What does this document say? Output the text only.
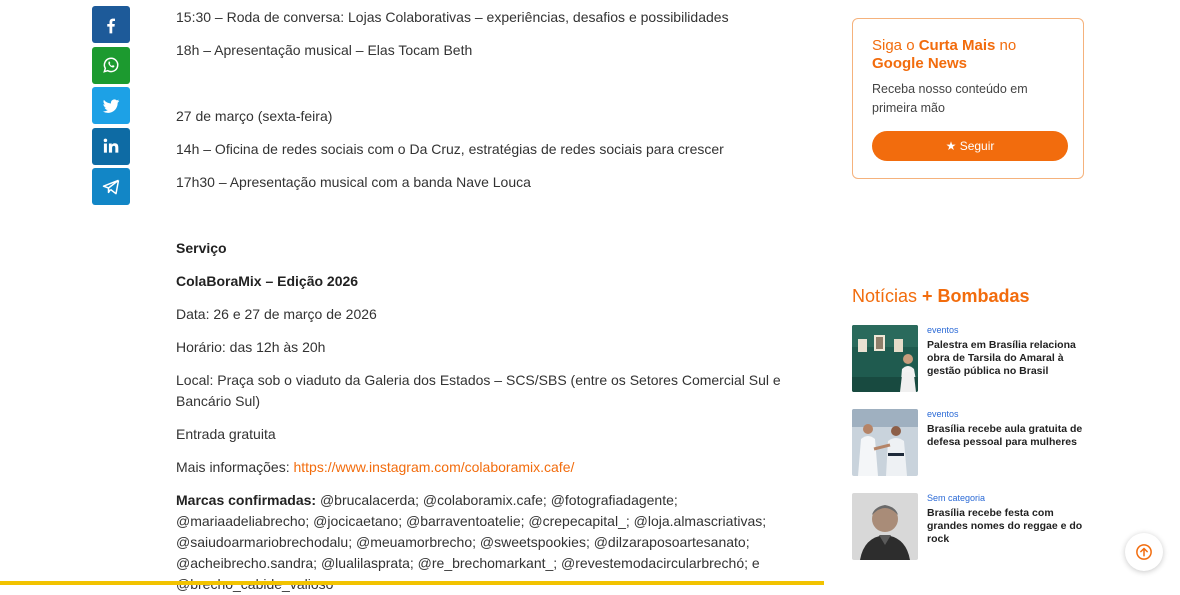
15:30 – Roda de conversa: Lojas Colaborativas – experiências, desafios e possibilidades

18h – Apresentação musical – Elas Tocam Beth

27 de março (sexta-feira)

14h – Oficina de redes sociais com o Da Cruz, estratégias de redes sociais para crescer

17h30 – Apresentação musical com a banda Nave Louca

Serviço

ColaBoraMix – Edição 2026

Data: 26 e 27 de março de 2026

Horário: das 12h às 20h

Local: Praça sob o viaduto da Galeria dos Estados – SCS/SBS (entre os Setores Comercial Sul e Bancário Sul)

Entrada gratuita

Mais informações: https://www.instagram.com/colaboramix.cafe/

Marcas confirmadas: @brucalacerda; @colaboramix.cafe; @fotografiadagente; @mariaadeliabrecho; @jocicaetano; @barraventoatelie; @crepecapital_; @loja.almascriativas; @saiudoarmariobrechodalu; @meuamorbrecho; @sweetspookies; @dilzaraposoartesanato; @acheibrecho.sandra; @lualilasprata; @re_brechomarkant_; @revestemodacircularbrechó; e

Siga o Curta Mais no Google News

Receba nosso conteúdo em primeira mão

★ Seguir
Notícias + Bombadas
eventos
Palestra em Brasília relaciona obra de Tarsila do Amaral à gestão pública no Brasil
eventos
Brasília recebe aula gratuita de defesa pessoal para mulheres
Sem categoria
Brasília recebe festa com grandes nomes do reggae e do rock
